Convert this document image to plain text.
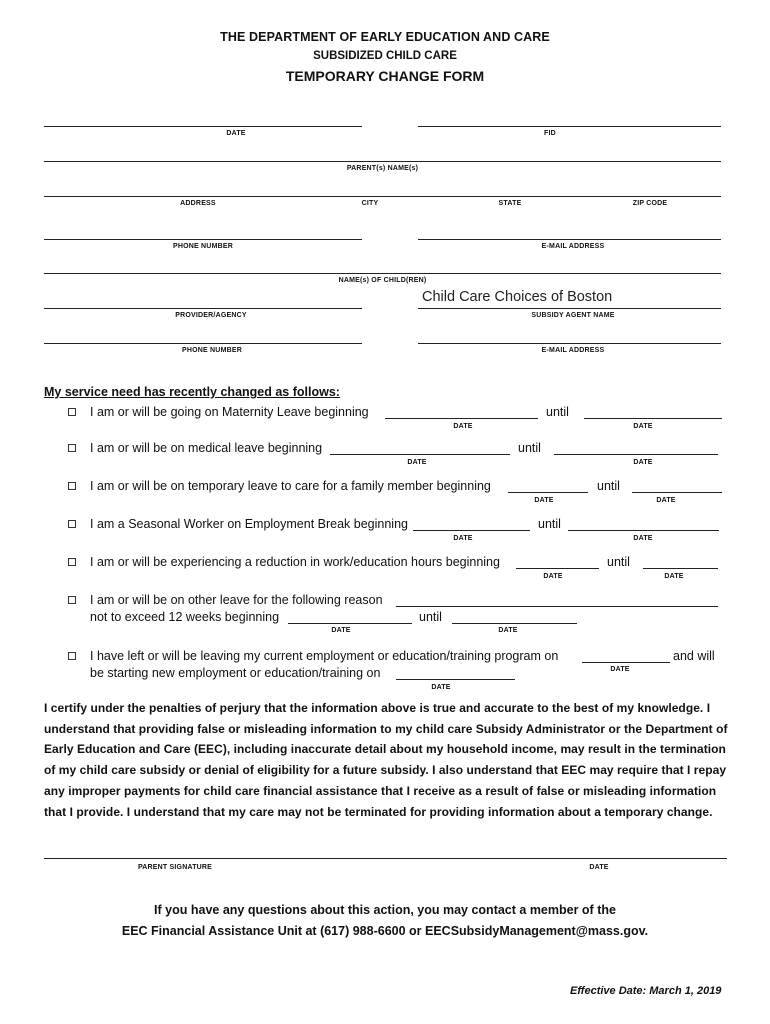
THE DEPARTMENT OF EARLY EDUCATION AND CARE
SUBSIDIZED CHILD CARE
TEMPORARY CHANGE FORM
DATE	FID
PARENT(s) NAME(s)
ADDRESS	CITY	STATE	ZIP CODE
PHONE NUMBER	E-MAIL ADDRESS
NAME(s) OF CHILD(REN)
PROVIDER/AGENCY
Child Care Choices of Boston
SUBSIDY AGENT NAME
PHONE NUMBER	E-MAIL ADDRESS
My service need has recently changed as follows:
I am or will be going on Maternity Leave beginning	until
DATE	DATE
I am or will be on medical leave beginning	until
DATE	DATE
I am or will be on temporary leave to care for a family member beginning	until
DATE	DATE
I am a Seasonal Worker on Employment Break beginning	until
DATE	DATE
I am or will be experiencing a reduction in work/education hours beginning	until
DATE	DATE
I am or will be on other leave for the following reason
not to exceed 12 weeks beginning	until
DATE	DATE
I have left or will be leaving my current employment or education/training program on	and will
DATE
be starting new employment or education/training on
DATE
I certify under the penalties of perjury that the information above is true and accurate to the best of my knowledge. I understand that providing false or misleading information to my child care Subsidy Administrator or the Department of Early Education and Care (EEC), including inaccurate detail about my household income, may result in the termination of my child care subsidy or denial of eligibility for a future subsidy. I also understand that EEC may require that I repay any improper payments for child care financial assistance that I receive as a result of false or misleading information that I provide. I understand that my care may not be terminated for providing information about a temporary change.
PARENT SIGNATURE	DATE
If you have any questions about this action, you may contact a member of the
EEC Financial Assistance Unit at (617) 988-6600 or EECSubsidyManagement@mass.gov.
Effective Date: March 1, 2019
